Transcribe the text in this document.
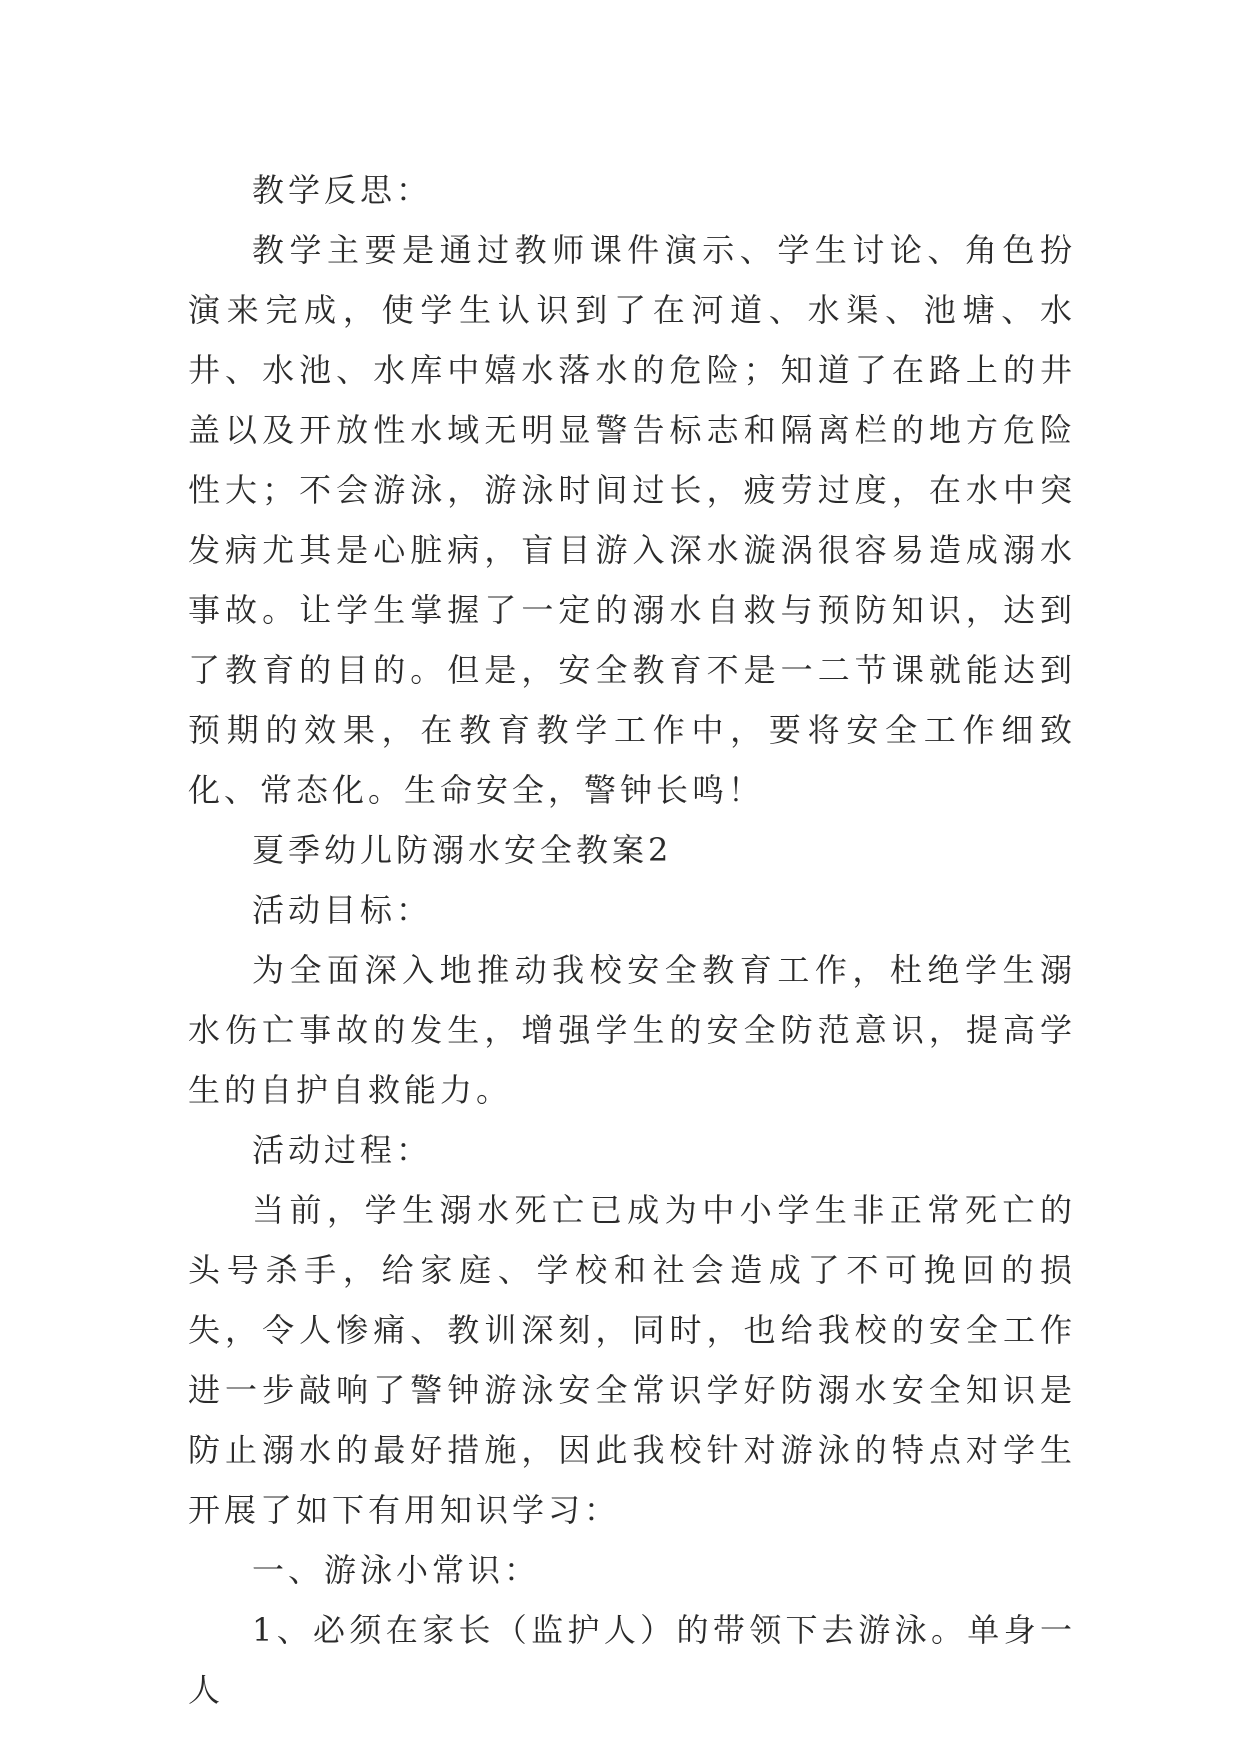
教学反思：

教学主要是通过教师课件演示、学生讨论、角色扮演来完成，使学生认识到了在河道、水渠、池塘、水井、水池、水库中嬉水落水的危险；知道了在路上的井盖以及开放性水域无明显警告标志和隔离栏的地方危险性大；不会游泳，游泳时间过长，疲劳过度，在水中突发病尤其是心脏病，盲目游入深水漩涡很容易造成溺水事故。让学生掌握了一定的溺水自救与预防知识，达到了教育的目的。但是，安全教育不是一二节课就能达到预期的效果，在教育教学工作中，要将安全工作细致化、常态化。生命安全，警钟长鸣！

夏季幼儿防溺水安全教案2

活动目标：

为全面深入地推动我校安全教育工作，杜绝学生溺水伤亡事故的发生，增强学生的安全防范意识，提高学生的自护自救能力。

活动过程：

当前，学生溺水死亡已成为中小学生非正常死亡的头号杀手，给家庭、学校和社会造成了不可挽回的损失，令人惨痛、教训深刻，同时，也给我校的安全工作进一步敲响了警钟游泳安全常识学好防溺水安全知识是防止溺水的最好措施，因此我校针对游泳的特点对学生开展了如下有用知识学习：

一、游泳小常识：

1、必须在家长（监护人）的带领下去游泳。单身一人
